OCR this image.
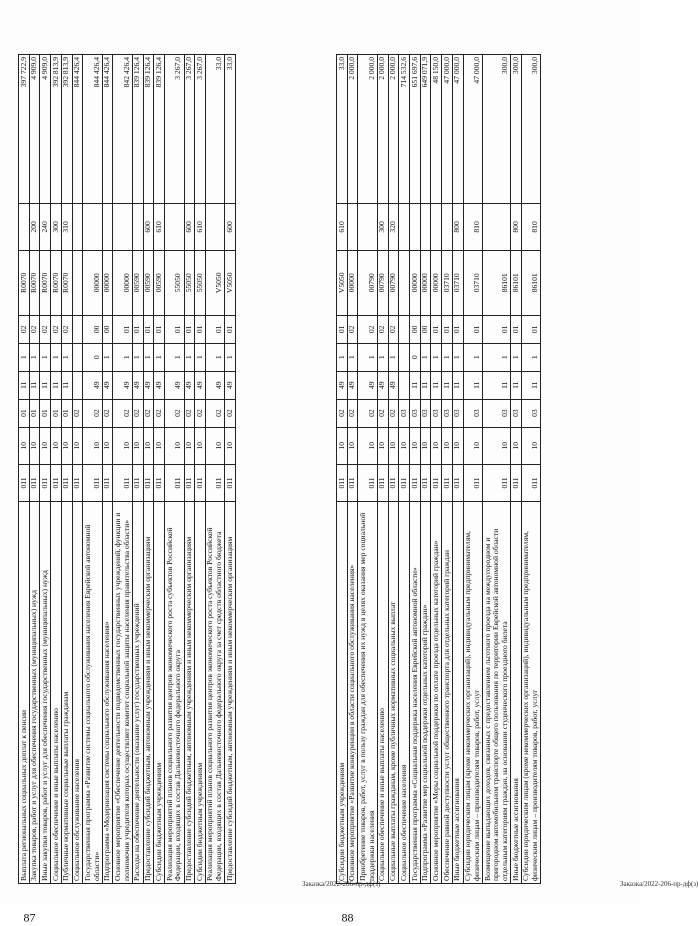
87
Выплата региональных социальных доплат к пенсии	011	10	01	11	1	02	R0070		397 722,9
Закупка товаров, работ и услуг для обеспечения государственных (муниципальных) нужд	011	10	01	11	1	02	R0070	200	4 909,0
Иные закупки товаров, работ и услуг для обеспечения государственных (муниципальных) нужд	011	10	01	11	1	02	R0070	240	4 909,0
Социальное обеспечение и иные выплаты населению	011	10	01	11	1	02	R0070	300	392 813,9
Публичные нормативные социальные выплаты гражданам	011	10	01	11	1	02	R0070	310	392 813,9
Социальное обслуживание населения	011	10	02						844 426,4
Государственная программа «Развитие системы социального обслуживания населения Еврейской автономной области»	011	10	02	49	0	00	00000		844 426,4
Подпрограмма «Модернизация системы социального обслуживания населения»	011	10	02	49	1	00	00000		844 426,4
Основное мероприятие «Обеспечение деятельности подведомственных государственных учреждений, функции и полномочия учредителя которых осуществляет комитет социальной защиты населения правительства области»	011	10	02	49	1	01	00000		842 426,4
Расходы на обеспечение деятельности (оказание услуг) государственных учреждений	011	10	02	49	1	01	00590		839 126,4
Предоставление субсидий бюджетным, автономным учреждениям и иным некоммерческим организациям	011	10	02	49	1	01	00590	600	839 126,4
Субсидии бюджетным учреждениям	011	10	02	49	1	01	00590	610	839 126,4
Реализация мероприятий планов социального развития центров экономического роста субъектов Российской Федерации, входящих в состав Дальневосточного федерального округа	011	10	02	49	1	01	55050		3 267,0
Предоставление субсидий бюджетным, автономным учреждениям и иным некоммерческим организациям	011	10	02	49	1	01	55050	600	3 267,0
Субсидии бюджетным учреждениям	011	10	02	49	1	01	55050	610	3 267,0
Реализация мероприятий планов социального развития центров экономического роста субъектов Российской Федерации, входящих в состав Дальневосточного федерального округа за счет средств областного бюджета	011	10	02	49	1	01	V5050		33,0
Предоставление субсидий бюджетным, автономным учреждениям и иным некоммерческим организациям	011	10	02	49	1	01	V5050	600	33,0
Заказка/2022-206-пр-дф(з)
88
Субсидии бюджетным учреждениям	011	10	02	49	1	01	V5050	610	33,0
Основное мероприятие «Развитие конкуренции в области социального обслуживания населения»	011	10	02	49	1	02	00000		2 000,0
Приобретение товаров, работ, услуг в пользу граждан для обеспечения их нужд в целях оказания мер социальной поддержки населения	011	10	02	49	1	02	00790		2 000,0
Социальное обеспечение и иные выплаты населению	011	10	02	49	1	02	00790	300	2 000,0
Социальные выплаты гражданам, кроме публичных нормативных социальных выплат	011	10	02	49	1	02	00790	320	2 000,0
Социальное обеспечение населения	011	10	03						714 532,6
Государственная программа «Социальная поддержка населения Еврейской автономной области»	011	10	03	11	0	00	00000		651 697,6
Подпрограмма «Развитие мер социальной поддержки отдельных категорий граждан»	011	10	03	11	1	00	00000		649 071,9
Основное мероприятие «Меры социальной поддержки по оплате проезда отдельных категорий граждан»	011	10	03	11	1	01	00000		48 150,0
Обеспечение равной доступности услуг общественного транспорта для отдельных категорий граждан	011	10	03	11	1	01	03710		47 000,0
Иные бюджетные ассигнования	011	10	03	11	1	01	03710	800	47 000,0
Субсидии юридическим лицам (кроме некоммерческих организаций), индивидуальным предпринимателям, физическим лицам – производителям товаров, работ, услуг	011	10	03	11	1	01	03710	810	47 000,0
Возмещение выпадающих доходов, связанных с предоставлением льготного проезда на междугородном и пригородном автомобильном транспорте общего пользования по территории Еврейской автономной области отдельным категориям граждан, на основании студенческого проездного билета	011	10	03	11	1	01	86101		300,0
Иные бюджетные ассигнования	011	10	03	11	1	01	86101	800	300,0
Субсидии юридическим лицам (кроме некоммерческих организаций), индивидуальным предпринимателям, физическим лицам – производителям товаров, работ, услуг	011	10	03	11	1	01	86101	810	300,0
Заказка/2022-206-пр-дф(з)
